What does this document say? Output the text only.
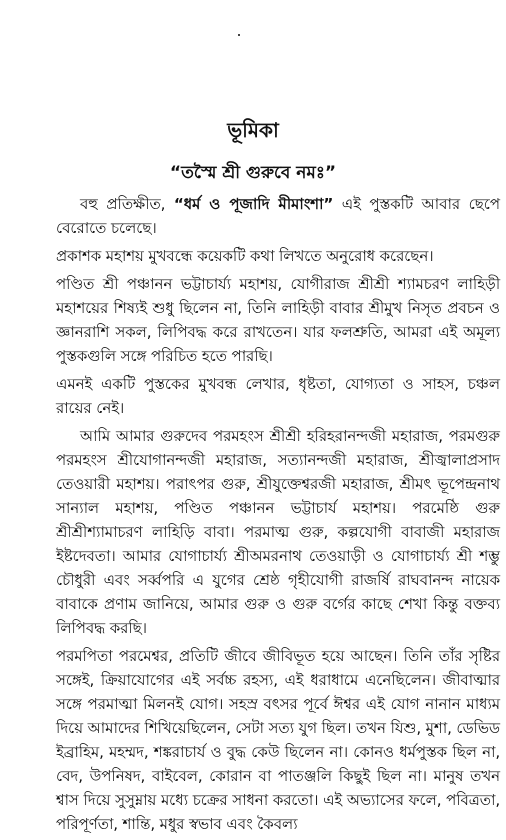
ভূমিকা
“তস্মৈ শ্রী গুরুবে নমঃ”

বহু প্রতিক্ষীত, “ধর্ম ও পূজাদি মীমাংশা” এই পুস্তকটি আবার ছেপে বেরোতে চলেছে।

প্রকাশক মহাশয় মুখবন্ধে কয়েকটি কথা লিখতে অনুরোধ করেছেন।

পণ্ডিত শ্রী পঞ্চানন ভট্টাচার্য্য মহাশয়, যোগীরাজ শ্রীশ্রী শ্যামচরণ লাহিড়ী মহাশয়ের শিষ্যই শুধু ছিলেন না, তিনি লাহিড়ী বাবার শ্রীমুখ নিসৃত প্রবচন ও জ্ঞানরাশি সকল, লিপিবদ্ধ করে রাখতেন। যার ফলশ্রুতি, আমরা এই অমূল্য পুস্তকগুলি সঙ্গে পরিচিত হতে পারছি।

এমনই একটি পুস্তকের মুখবন্ধ লেখার, ধৃষ্টতা, যোগ্যতা ও সাহস, চঞ্চল রায়ের নেই।

আমি আমার গুরুদেব পরমহংস শ্রীশ্রী হরিহরানন্দজী মহারাজ, পরমগুরু পরমহংস শ্রীযোগানন্দজী মহারাজ, সত্যানন্দজী মহারাজ, শ্রীজ্বালাপ্রসাদ তেওয়ারী মহাশয়। পরাৎপর গুরু, শ্রীযুক্তেশ্বরজী মহারাজ, শ্রীমৎ ভূপেন্দ্রনাথ সান্যাল মহাশয়, পণ্ডিত পঞ্চানন ভট্টাচার্য মহাশয়। পরমেষ্ঠি গুরু শ্রীশ্রীশ্যামাচরণ লাহিড়ি বাবা। পরমাত্ম গুরু, কল্পযোগী বাবাজী মহারাজ ইষ্টদেবতা। আমার যোগাচার্য্য শ্রীঅমরনাথ তেওয়াড়ী ও যোগাচার্য্য শ্রী শম্ভু চৌধুরী এবং সর্ব্বপরি এ যুগের শ্রেষ্ঠ গৃহীযোগী রাজর্ষি রাঘবানন্দ নায়েক বাবাকে প্রণাম জানিয়ে, আমার গুরু ও গুরু বর্গের কাছে শেখা কিন্তু বক্তব্য লিপিবদ্ধ করছি।

পরমপিতা পরমেশ্বর, প্রতিটি জীবে জীবিভূত হয়ে আছেন। তিনি তাঁর সৃষ্টির সঙ্গেই, ক্রিয়াযোগের এই সর্বচ্চ রহস্য, এই ধরাধামে এনেছিলেন। জীবাত্মার সঙ্গে পরমাত্মা মিলনই যোগ। সহস্র বৎসর পূর্বে ঈশ্বর এই যোগ নানান মাধ্যম দিয়ে আমাদের শিখিয়েছিলেন, সেটা সত্য যুগ ছিল। তখন যিশু, মুশা, ডেভিড ইব্রাহিম, মহম্মদ, শঙ্করাচার্য ও বুদ্ধ কেউ ছিলেন না। কোনও ধর্মপুস্তক ছিল না, বেদ, উপনিষদ, বাইবেল, কোরান বা পাতঞ্জলি কিছুই ছিল না। মানুষ তখন শ্বাস দিয়ে সুসুম্নায় মধ্যে চক্রের সাধনা করতো। এই অভ্যাসের ফলে, পবিত্রতা, পরিপূর্ণতা, শান্তি, মধুর স্বভাব এবং কৈবল্য
